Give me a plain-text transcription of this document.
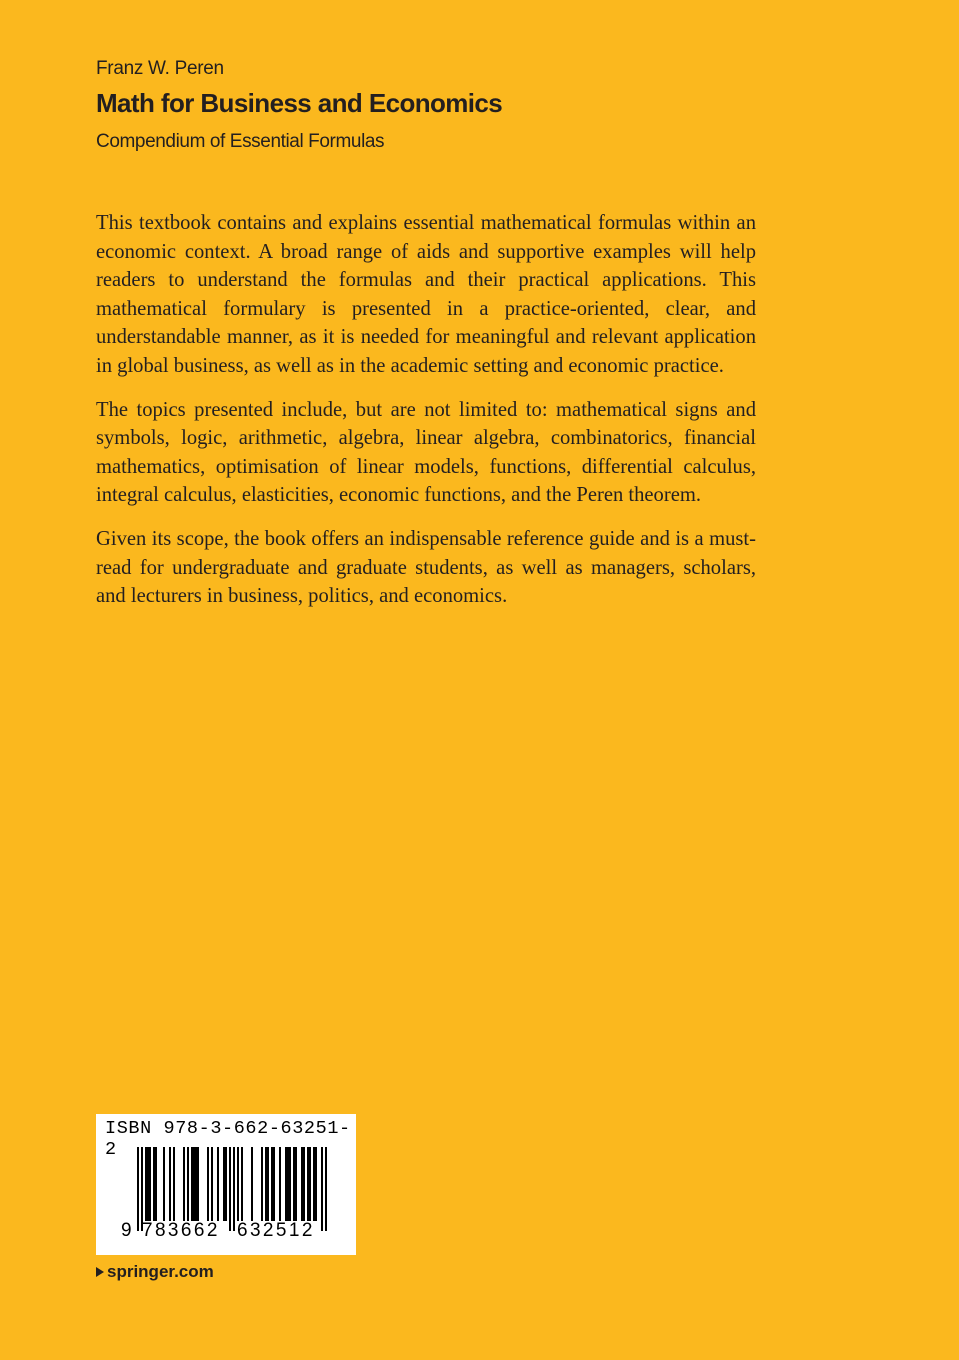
Franz W. Peren
Math for Business and Economics
Compendium of Essential Formulas

This textbook contains and explains essential mathematical formulas within an economic context. A broad range of aids and supportive examples will help readers to understand the formulas and their practical applications. This mathematical formulary is presented in a practice-oriented, clear, and understandable manner, as it is needed for meaningful and relevant application in global business, as well as in the academic setting and economic practice.

The topics presented include, but are not limited to: mathematical signs and symbols, logic, arithmetic, algebra, linear algebra, combinatorics, financial mathematics, optimisation of linear models, functions, differential calculus, integral calculus, elasticities, economic functions, and the Peren theorem.

Given its scope, the book offers an indispensable reference guide and is a must-read for undergraduate and graduate students, as well as managers, scholars, and lecturers in business, politics, and economics.

ISBN 978-3-662-63251-2
9 783662 632512
springer.com
